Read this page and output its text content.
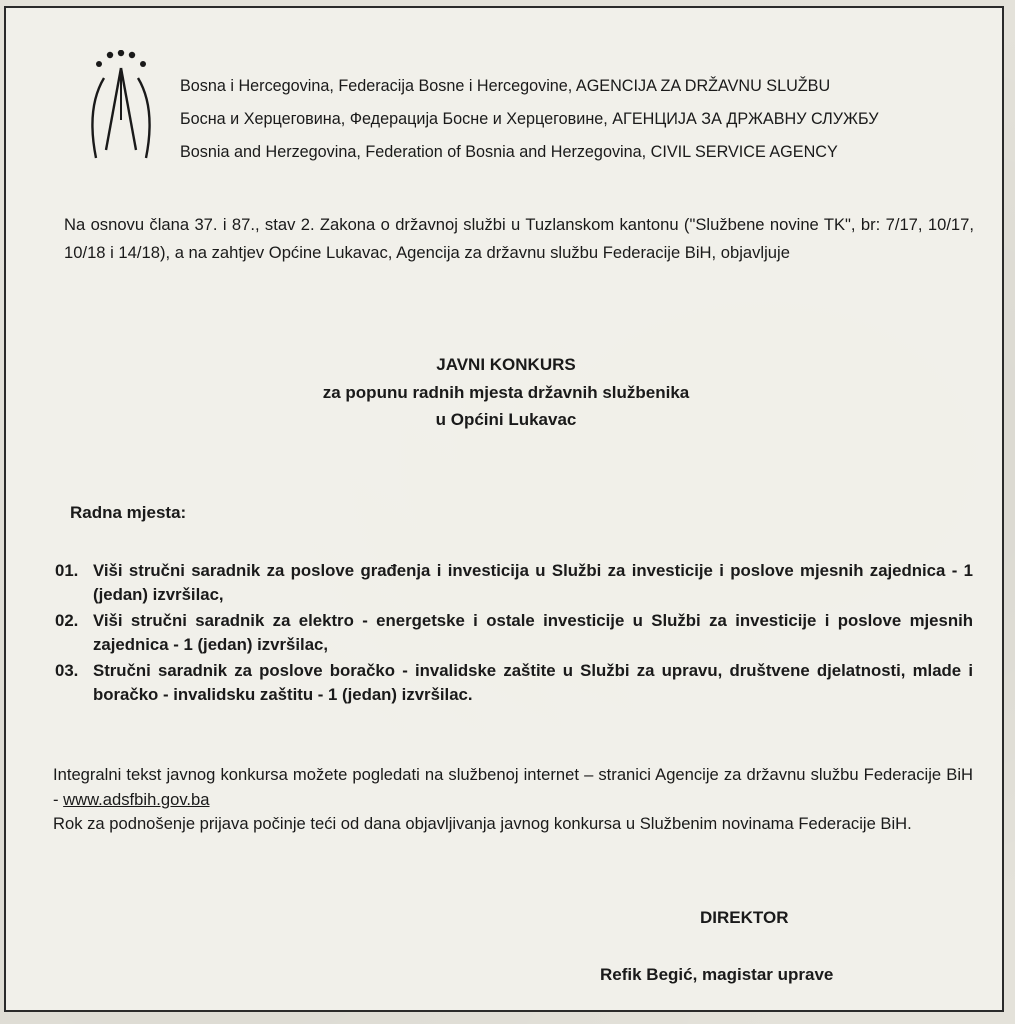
Bosna i Hercegovina, Federacija Bosne i Hercegovine, AGENCIJA ZA DRŽAVNU SLUŽBU
Босна и Херцеговина, Федерација Босне и Херцеговине, АГЕНЦИЈА ЗА ДРЖАВНУ СЛУЖБУ
Bosnia and Herzegovina, Federation of Bosnia and Herzegovina, CIVIL SERVICE AGENCY
Na osnovu člana 37. i 87., stav 2. Zakona o državnoj službi u Tuzlanskom kantonu ("Službene novine TK", br: 7/17, 10/17, 10/18 i 14/18), a na zahtjev Općine Lukavac, Agencija za državnu službu Federacije BiH, objavljuje
JAVNI KONKURS
za popunu radnih mjesta državnih službenika
u Općini Lukavac
Radna mjesta:
01. Viši stručni saradnik za poslove građenja i investicija u Službi za investicije i poslove mjesnih zajednica - 1 (jedan) izvršilac,
02. Viši stručni saradnik za elektro - energetske i ostale investicije u Službi za investicije i poslove mjesnih zajednica - 1 (jedan) izvršilac,
03. Stručni saradnik za poslove boračko - invalidske zaštite u Službi za upravu, društvene djelatnosti, mlade i boračko - invalidsku zaštitu - 1 (jedan) izvršilac.
Integralni tekst javnog konkursa možete pogledati na službenoj internet – stranici Agencije za državnu službu Federacije BiH - www.adsfbih.gov.ba
Rok za podnošenje prijava počinje teći od dana objavljivanja javnog konkursa u Službenim novinama Federacije BiH.
DIREKTOR
Refik Begić, magistar uprave
